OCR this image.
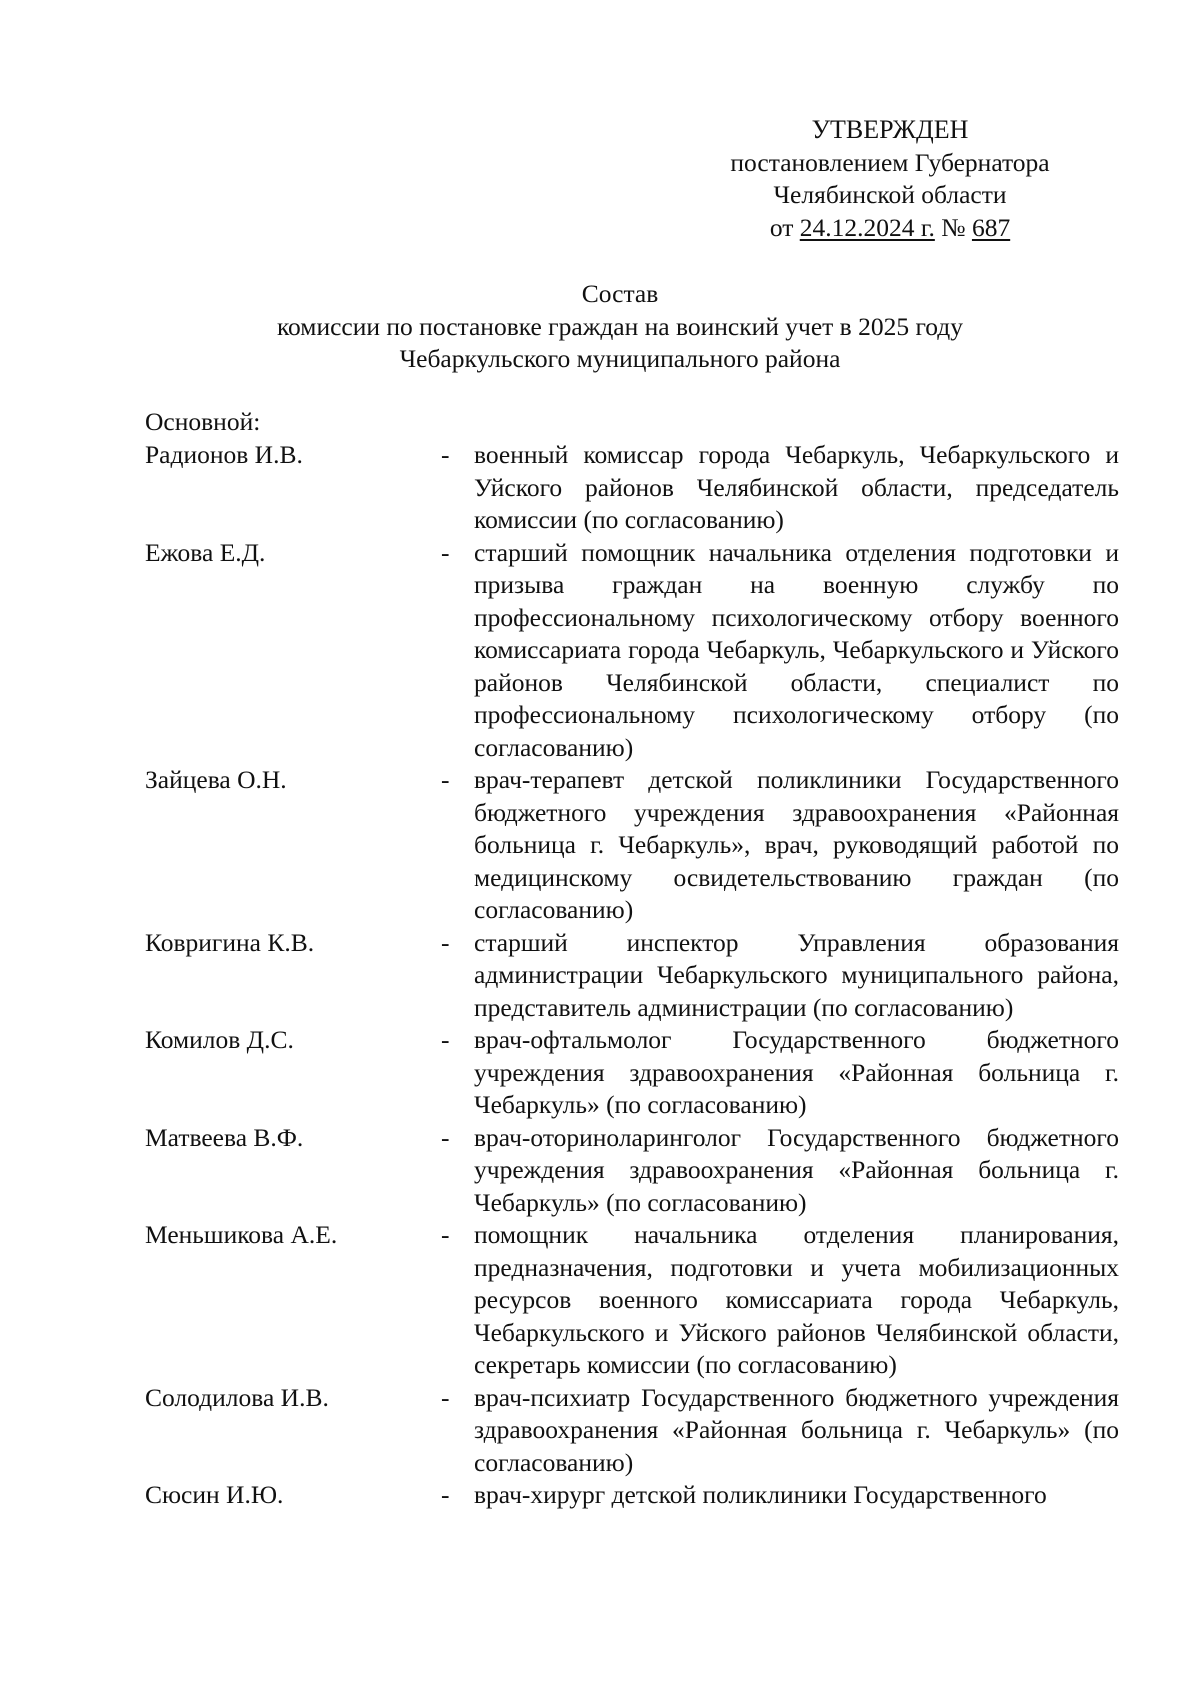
УТВЕРЖДЕН
постановлением Губернатора
Челябинской области
от 24.12.2024 г. № 687
Состав
комиссии по постановке граждан на воинский учет в 2025 году
Чебаркульского муниципального района
Основной:
Радионов И.В.	- военный комиссар города Чебаркуль, Чебаркульского и Уйского районов Челябинской области, председатель комиссии (по согласованию)
Ежова Е.Д.	- старший помощник начальника отделения подготовки и призыва граждан на военную службу по профессиональному психологическому отбору военного комиссариата города Чебаркуль, Чебаркульского и Уйского районов Челябинской области, специалист по профессиональному психологическому отбору (по согласованию)
Зайцева О.Н.	- врач-терапевт детской поликлиники Государственного бюджетного учреждения здравоохранения «Районная больница г. Чебаркуль», врач, руководящий работой по медицинскому освидетельствованию граждан (по согласованию)
Ковригина К.В.	- старший инспектор Управления образования администрации Чебаркульского муниципального района, представитель администрации (по согласованию)
Комилов Д.С.	- врач-офтальмолог Государственного бюджетного учреждения здравоохранения «Районная больница г. Чебаркуль» (по согласованию)
Матвеева В.Ф.	- врач-оториноларинголог Государственного бюджетного учреждения здравоохранения «Районная больница г. Чебаркуль» (по согласованию)
Меньшикова А.Е.	- помощник начальника отделения планирования, предназначения, подготовки и учета мобилизационных ресурсов военного комиссариата города Чебаркуль, Чебаркульского и Уйского районов Челябинской области, секретарь комиссии (по согласованию)
Солодилова И.В.	- врач-психиатр Государственного бюджетного учреждения здравоохранения «Районная больница г. Чебаркуль» (по согласованию)
Сюсин И.Ю.	- врач-хирург детской поликлиники Государственного
